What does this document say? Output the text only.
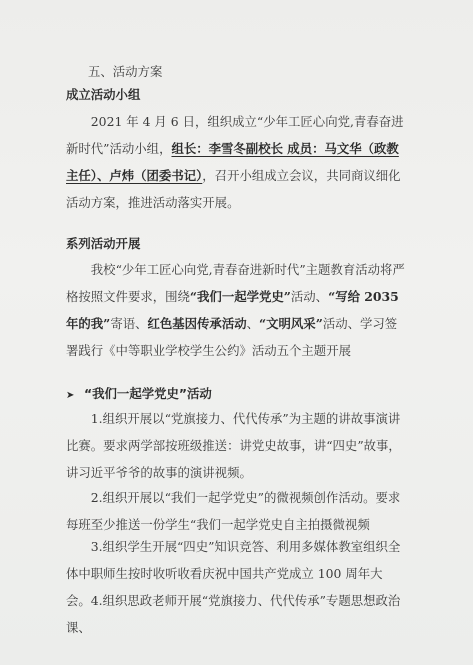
五、活动方案
成立活动小组
2021 年 4 月 6 日，组织成立“少年工匠心向党,青春奋进新时代”活动小组，组长：李雪冬副校长 成员：马文华（政教主任）、卢炜（团委书记），召开小组成立会议，共同商议细化活动方案，推进活动落实开展。
系列活动开展
我校“少年工匠心向党,青春奋进新时代”主题教育活动将严格按照文件要求，围绕“我们一起学党史”活动、“写给 2035 年的我”寄语、红色基因传承活动、“文明风采”活动、学习签署践行《中等职业学校学生公约》活动五个主题开展
➤ “我们一起学党史”活动
1.组织开展以“党旗接力、代代传承”为主题的讲故事演讲比赛。要求两学部按班级推送：讲党史故事，讲“四史”故事，讲习近平爷爷的故事的演讲视频。
2.组织开展以“我们一起学党史”的微视频创作活动。要求每班至少推送一份学生“我们一起学党史自主拍摄微视频
3.组织学生开展“四史”知识竞答、利用多媒体教室组织全体中职师生按时收听收看庆祝中国共产党成立 100 周年大会。 4.组织思政老师开展“党旗接力、代代传承”专题思想政治课、
